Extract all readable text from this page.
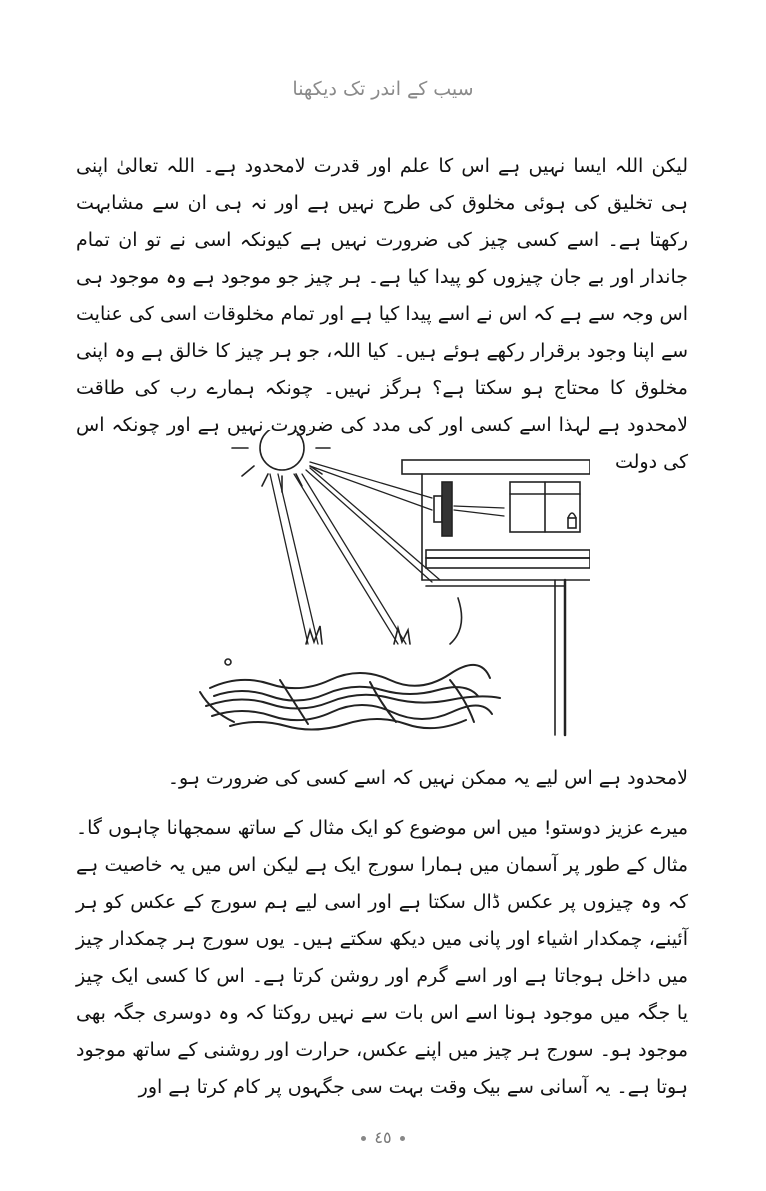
سیب کے اندر تک دیکھنا

لیکن اللہ ایسا نہیں ہے اس کا علم اور قدرت لامحدود ہے۔ اللہ تعالیٰ اپنی ہی تخلیق کی ہوئی مخلوق کی طرح نہیں ہے اور نہ ہی ان سے مشابہت رکھتا ہے۔ اسے کسی چیز کی ضرورت نہیں ہے کیونکہ اسی نے تو ان تمام جاندار اور بے جان چیزوں کو پیدا کیا ہے۔ ہر چیز جو موجود ہے وہ موجود ہی اس وجہ سے ہے کہ اس نے اسے پیدا کیا ہے اور تمام مخلوقات اسی کی عنایت سے اپنا وجود برقرار رکھے ہوئے ہیں۔ کیا اللہ، جو ہر چیز کا خالق ہے وہ اپنی مخلوق کا محتاج ہو سکتا ہے؟ ہرگز نہیں۔ چونکہ ہمارے رب کی طاقت لامحدود ہے لہذا اسے کسی اور کی مدد کی ضرورت نہیں ہے اور چونکہ اس کی دولت

لامحدود ہے اس لیے یہ ممکن نہیں کہ اسے کسی کی ضرورت ہو۔

میرے عزیز دوستو! میں اس موضوع کو ایک مثال کے ساتھ سمجھانا چاہوں گا۔ مثال کے طور پر آسمان میں ہمارا سورج ایک ہے لیکن اس میں یہ خاصیت ہے کہ وہ چیزوں پر عکس ڈال سکتا ہے اور اسی لیے ہم سورج کے عکس کو ہر آئینے، چمکدار اشیاء اور پانی میں دیکھ سکتے ہیں۔ یوں سورج ہر چمکدار چیز میں داخل ہوجاتا ہے اور اسے گرم اور روشن کرتا ہے۔ اس کا کسی ایک چیز یا جگہ میں موجود ہونا اسے اس بات سے نہیں روکتا کہ وہ دوسری جگہ بھی موجود ہو۔ سورج ہر چیز میں اپنے عکس، حرارت اور روشنی کے ساتھ موجود ہوتا ہے۔ یہ آسانی سے بیک وقت بہت سی جگہوں پر کام کرتا ہے اور

٤٥
